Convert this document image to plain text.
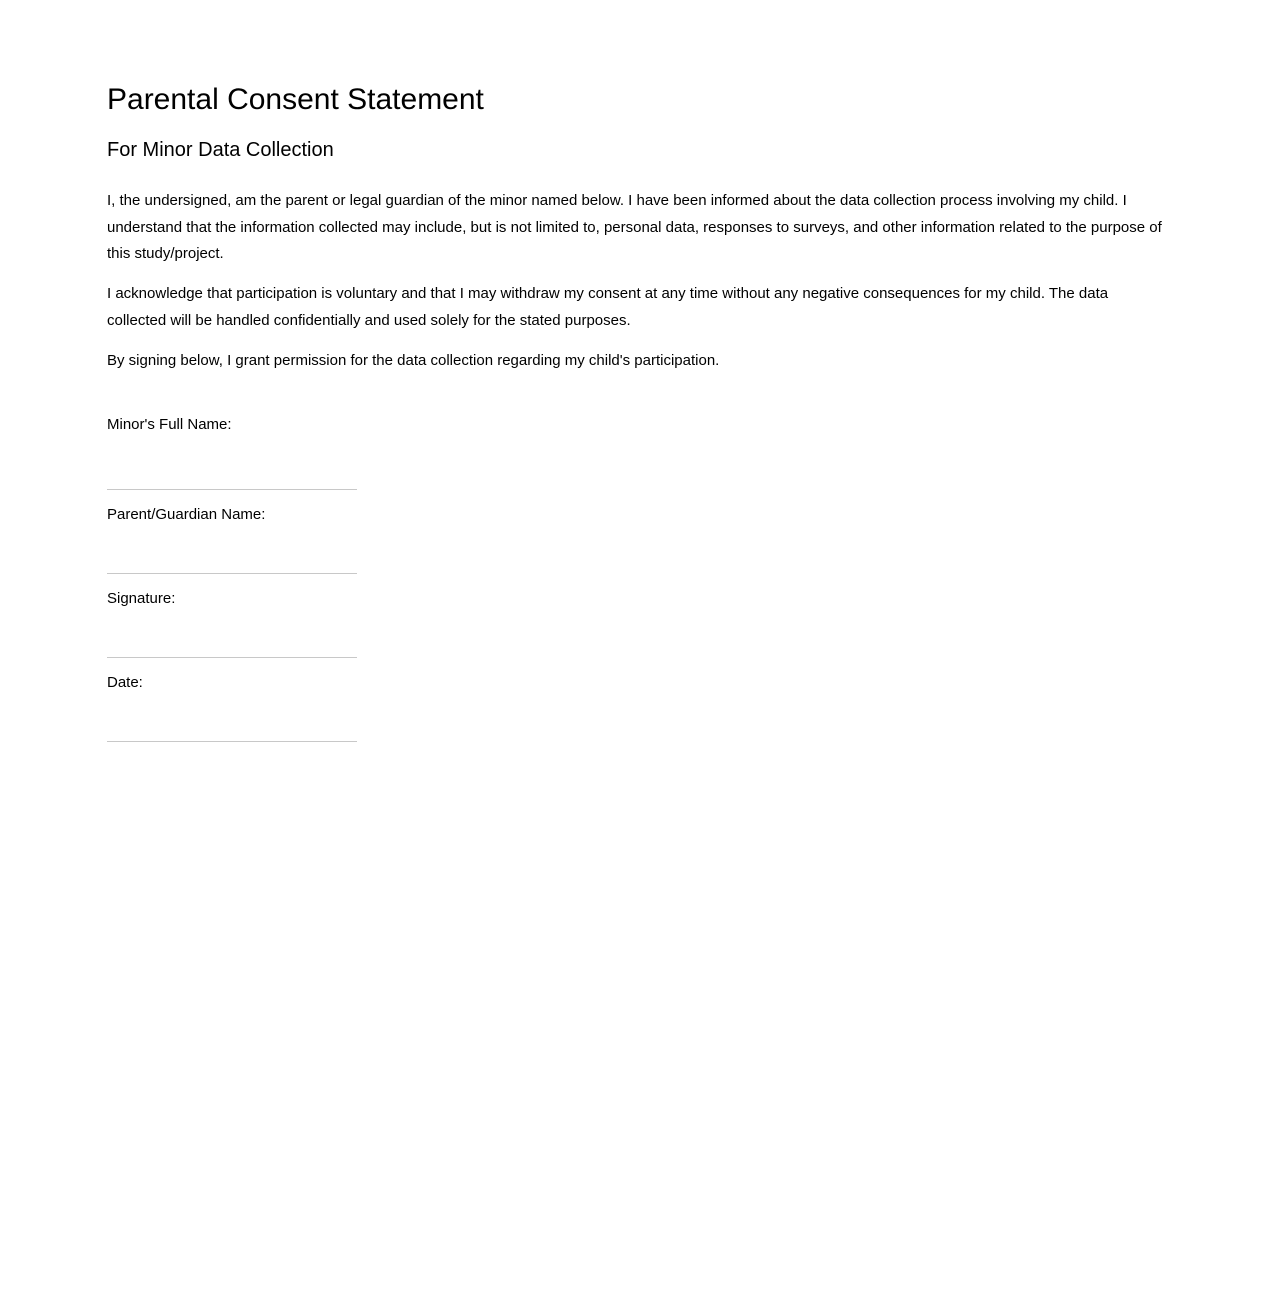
Parental Consent Statement
For Minor Data Collection

I, the undersigned, am the parent or legal guardian of the minor named below. I have been informed about the data collection process involving my child. I understand that the information collected may include, but is not limited to, personal data, responses to surveys, and other information related to the purpose of this study/project.

I acknowledge that participation is voluntary and that I may withdraw my consent at any time without any negative consequences for my child. The data collected will be handled confidentially and used solely for the stated purposes.

By signing below, I grant permission for the data collection regarding my child's participation.

Minor's Full Name:
Parent/Guardian Name:
Signature:
Date:
